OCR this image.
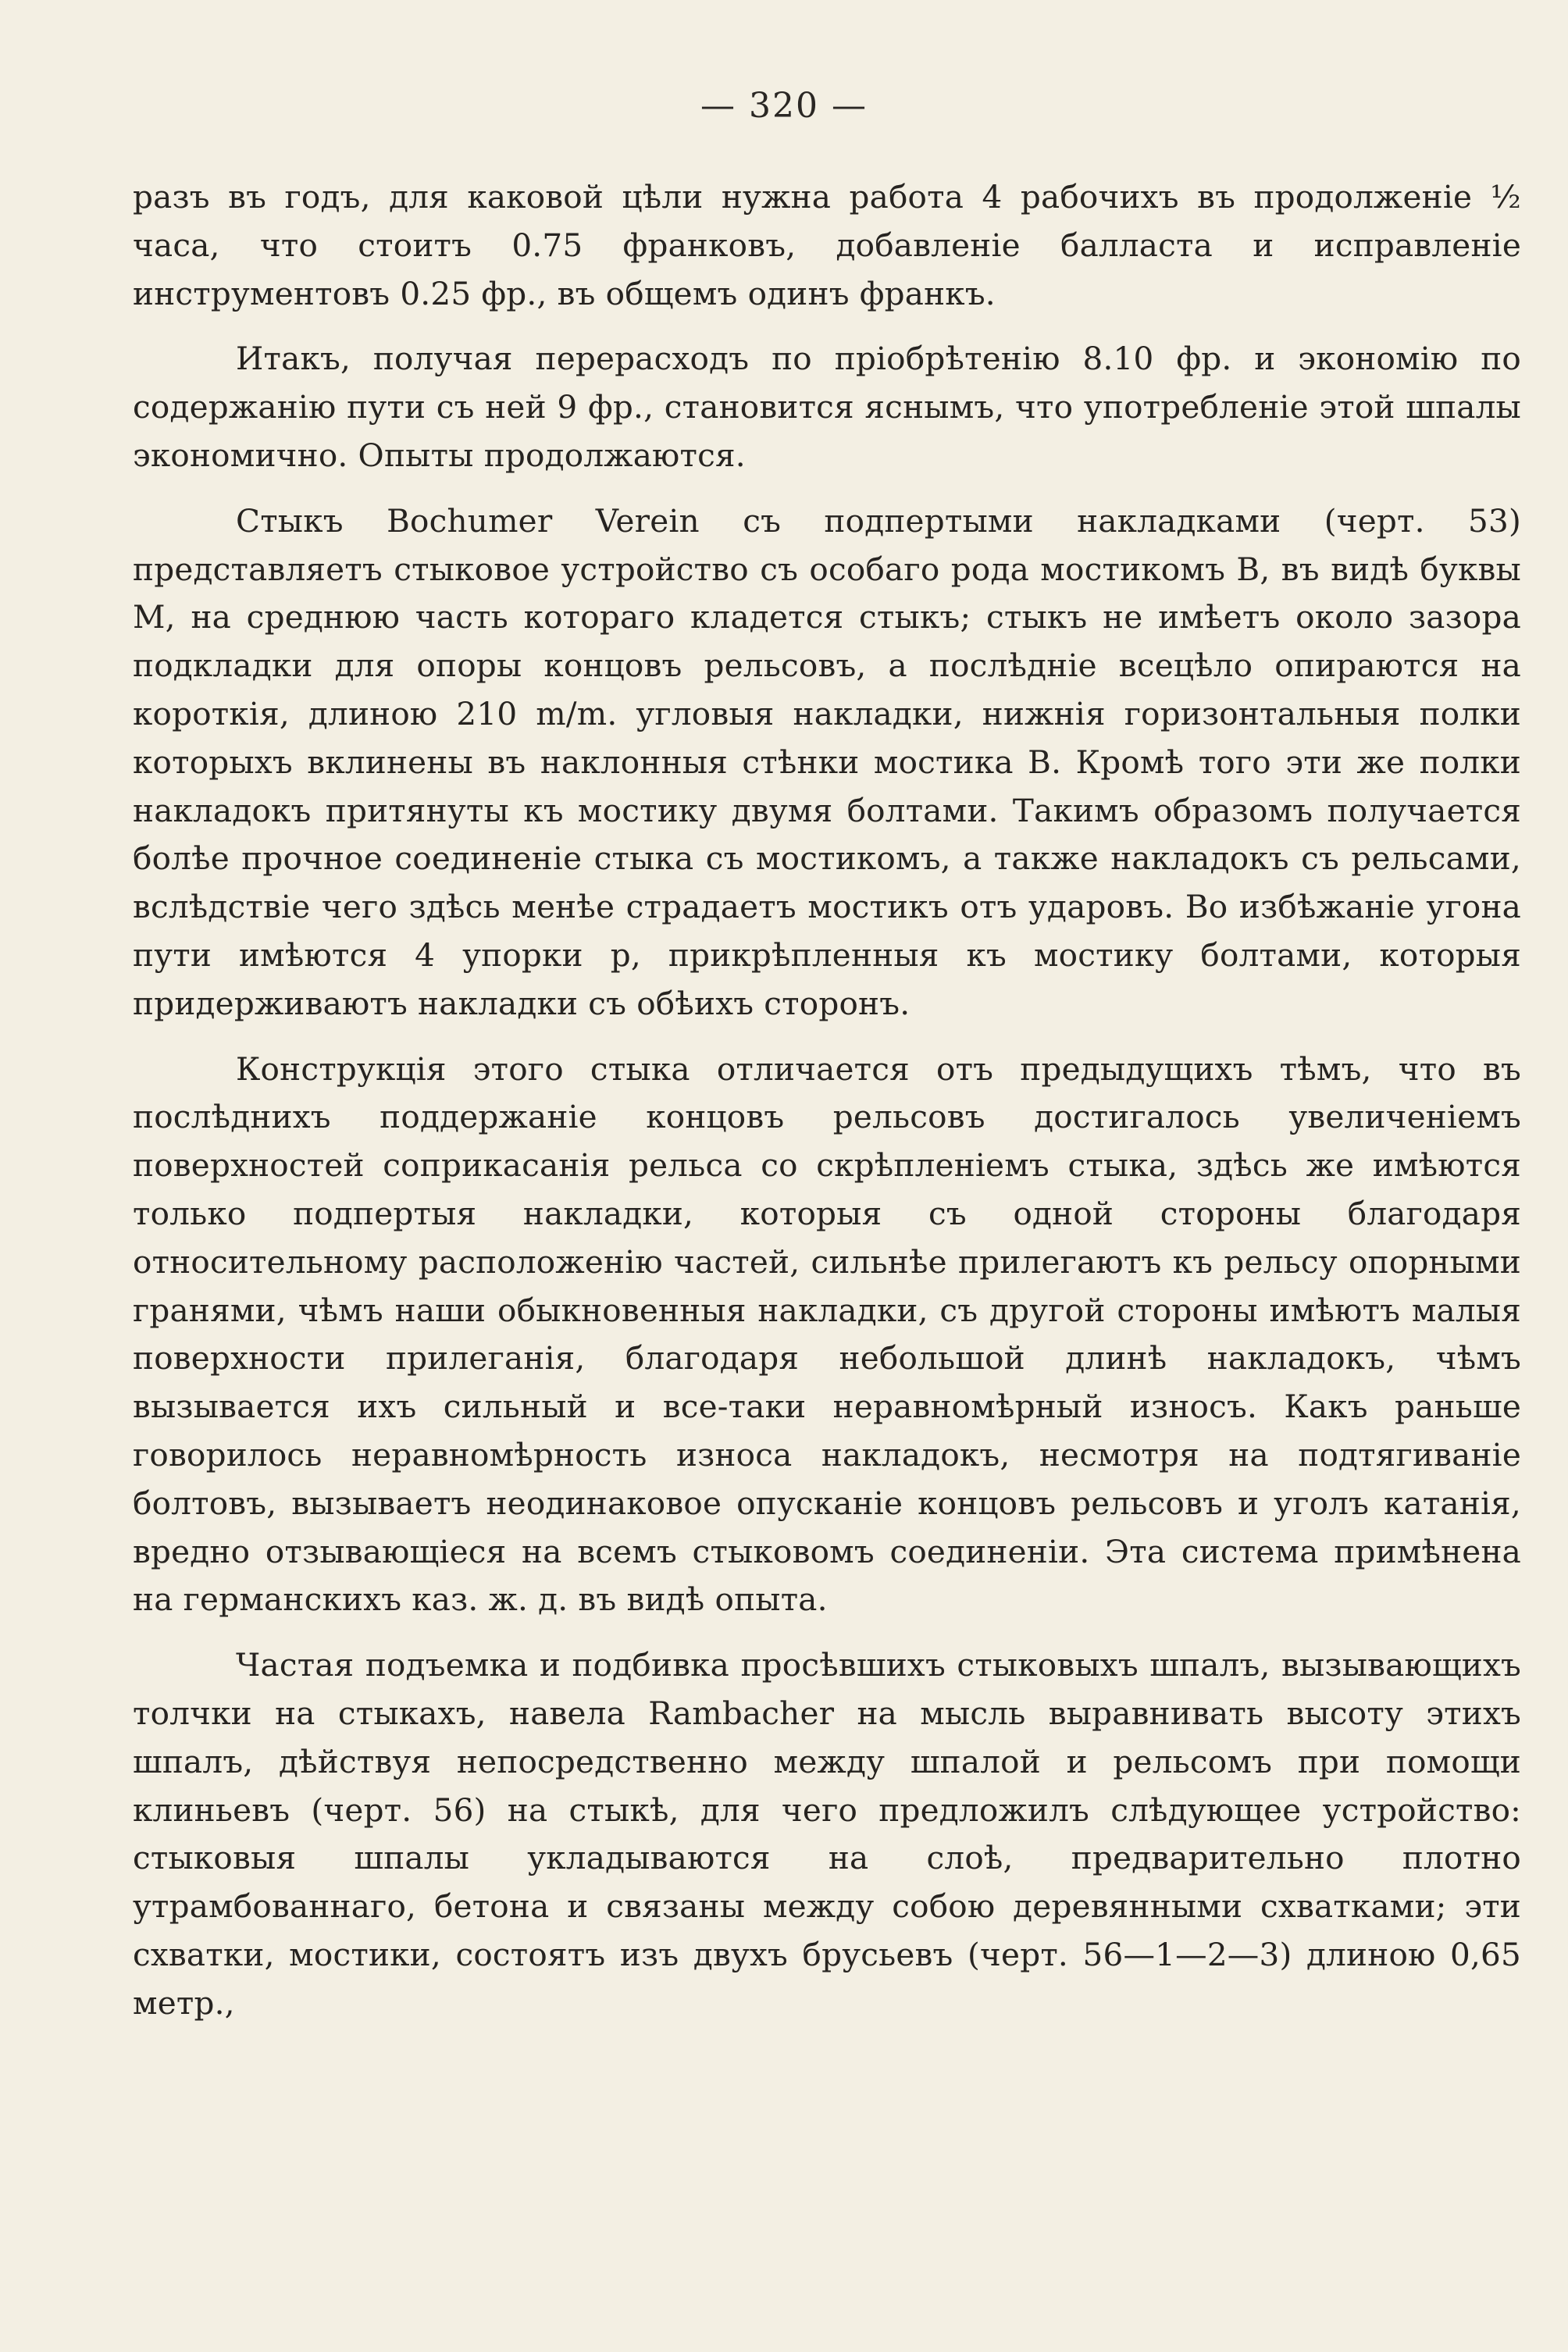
— 320 —

разъ въ годъ, для каковой цѣли нужна работа 4 рабочихъ въ продолженіе ½ часа, что стоитъ 0.75 франковъ, добавленіе балласта и исправленіе инструментовъ 0.25 фр., въ общемъ одинъ франкъ.

Итакъ, получая перерасходъ по пріобрѣтенію 8.10 фр. и экономію по содержанію пути съ ней 9 фр., становится яснымъ, что употребленіе этой шпалы экономично. Опыты продолжаются.

Стыкъ Bochumer Verein съ подпертыми накладками (черт. 53) представляетъ стыковое устройство съ особаго рода мостикомъ B, въ видѣ буквы M, на среднюю часть котораго кладется стыкъ; стыкъ не имѣетъ около зазора подкладки для опоры концовъ рельсовъ, а послѣдніе всецѣло опираются на короткія, длиною 210 m/m. угловыя накладки, нижнія горизонтальныя полки которыхъ вклинены въ наклонныя стѣнки мостика B. Кромѣ того эти же полки накладокъ притянуты къ мостику двумя болтами. Такимъ образомъ получается болѣе прочное соединеніе стыка съ мостикомъ, а также накладокъ съ рельсами, вслѣдствіе чего здѣсь менѣе страдаетъ мостикъ отъ ударовъ. Во избѣжаніе угона пути имѣются 4 упорки p, прикрѣпленныя къ мостику болтами, которыя придерживаютъ накладки съ обѣихъ сторонъ.

Конструкція этого стыка отличается отъ предыдущихъ тѣмъ, что въ послѣднихъ поддержаніе концовъ рельсовъ достигалось увеличеніемъ поверхностей соприкасанія рельса со скрѣпленіемъ стыка, здѣсь же имѣются только подпертыя накладки, которыя съ одной стороны благодаря относительному расположенію частей, сильнѣе прилегаютъ къ рельсу опорными гранями, чѣмъ наши обыкновенныя накладки, съ другой стороны имѣютъ малыя поверхности прилеганія, благодаря небольшой длинѣ накладокъ, чѣмъ вызывается ихъ сильный и все-таки неравномѣрный износъ. Какъ раньше говорилось неравномѣрность износа накладокъ, несмотря на подтягиваніе болтовъ, вызываетъ неодинаковое опусканіе концовъ рельсовъ и уголъ катанія, вредно отзывающіеся на всемъ стыковомъ соединеніи. Эта система примѣнена на германскихъ каз. ж. д. въ видѣ опыта.

Частая подъемка и подбивка просѣвшихъ стыковыхъ шпалъ, вызывающихъ толчки на стыкахъ, навела Rambacher на мысль выравнивать высоту этихъ шпалъ, дѣйствуя непосредственно между шпалой и рельсомъ при помощи клиньевъ (черт. 56) на стыкѣ, для чего предложилъ слѣдующее устройство: стыковыя шпалы укладываются на слоѣ, предварительно плотно утрамбованнаго, бетона и связаны между собою деревянными схватками; эти схватки, мостики, состоятъ изъ двухъ брусьевъ (черт. 56—1—2—3) длиною 0,65 метр.,
